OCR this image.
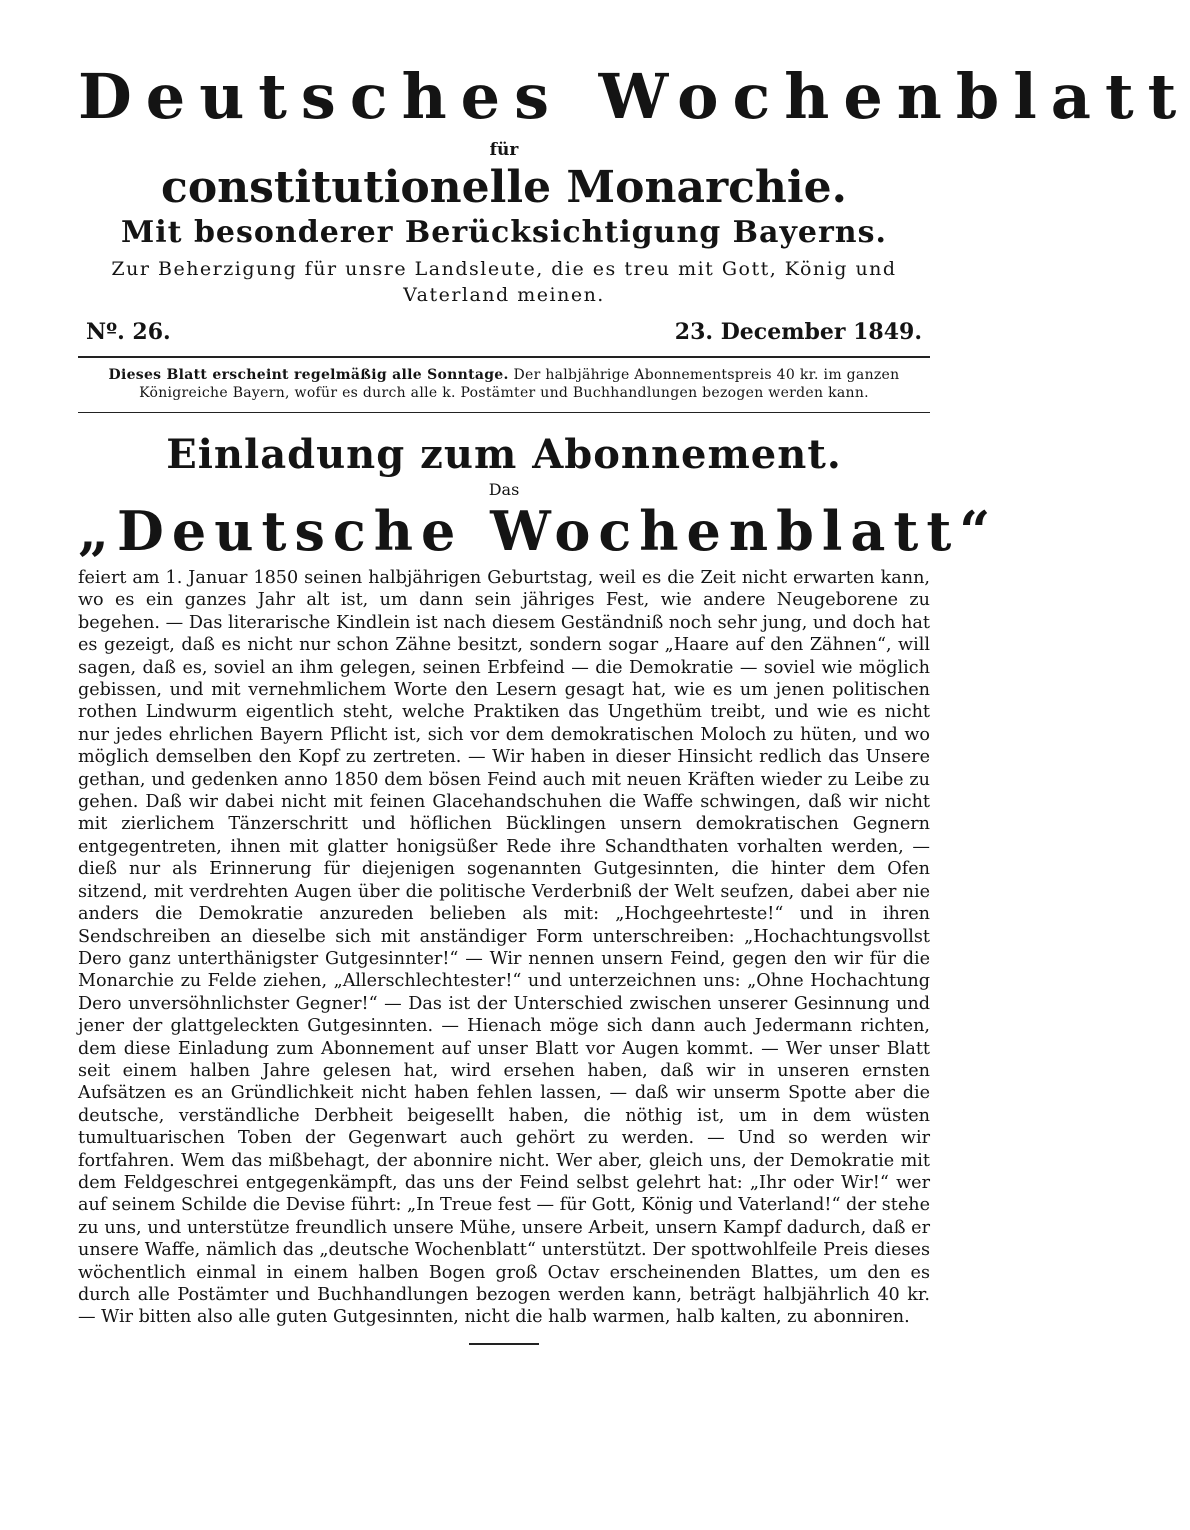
Deutsches Wochenblatt
für
constitutionelle Monarchie.
Mit besonderer Berücksichtigung Bayerns.
Zur Beherzigung für unsre Landsleute, die es treu mit Gott, König und Vaterland meinen.
Nº. 26.	23. December 1849.
Dieses Blatt erscheint regelmäßig alle Sonntage. Der halbjährige Abonnementspreis 40 kr. im ganzen Königreiche Bayern, wofür es durch alle k. Postämter und Buchhandlungen bezogen werden kann.
Einladung zum Abonnement.
Das
„Deutsche Wochenblatt“

feiert am 1. Januar 1850 seinen halbjährigen Geburtstag, weil es die Zeit nicht erwarten kann, wo es ein ganzes Jahr alt ist, um dann sein jähriges Fest, wie andere Neugeborene zu begehen. — Das literarische Kindlein ist nach diesem Geständniß noch sehr jung, und doch hat es gezeigt, daß es nicht nur schon Zähne besitzt, sondern sogar „Haare auf den Zähnen“, will sagen, daß es, soviel an ihm gelegen, seinen Erbfeind — die Demokratie — soviel wie möglich gebissen, und mit vernehmlichem Worte den Lesern gesagt hat, wie es um jenen politischen rothen Lindwurm eigentlich steht, welche Praktiken das Ungethüm treibt, und wie es nicht nur jedes ehrlichen Bayern Pflicht ist, sich vor dem demokratischen Moloch zu hüten, und wo möglich demselben den Kopf zu zertreten. — Wir haben in dieser Hinsicht redlich das Unsere gethan, und gedenken anno 1850 dem bösen Feind auch mit neuen Kräften wieder zu Leibe zu gehen. Daß wir dabei nicht mit feinen Glacehandschuhen die Waffe schwingen, daß wir nicht mit zierlichem Tänzerschritt und höflichen Bücklingen unsern demokratischen Gegnern entgegentreten, ihnen mit glatter honigsüßer Rede ihre Schandthaten vorhalten werden, — dieß nur als Erinnerung für diejenigen sogenannten Gutgesinnten, die hinter dem Ofen sitzend, mit verdrehten Augen über die politische Verderbniß der Welt seufzen, dabei aber nie anders die Demokratie anzureden belieben als mit: „Hochgeehrteste!“ und in ihren Sendschreiben an dieselbe sich mit anständiger Form unterschreiben: „Hochachtungsvollst Dero ganz unterthänigster Gutgesinnter!“ — Wir nennen unsern Feind, gegen den wir für die Monarchie zu Felde ziehen, „Allerschlechtester!“ und unterzeichnen uns: „Ohne Hochachtung Dero unversöhnlichster Gegner!“ — Das ist der Unterschied zwischen unserer Gesinnung und jener der glattgeleckten Gutgesinnten. — Hienach möge sich dann auch Jedermann richten, dem diese Einladung zum Abonnement auf unser Blatt vor Augen kommt. — Wer unser Blatt seit einem halben Jahre gelesen hat, wird ersehen haben, daß wir in unseren ernsten Aufsätzen es an Gründlichkeit nicht haben fehlen lassen, — daß wir unserm Spotte aber die deutsche, verständliche Derbheit beigesellt haben, die nöthig ist, um in dem wüsten tumultuarischen Toben der Gegenwart auch gehört zu werden. — Und so werden wir fortfahren. Wem das mißbehagt, der abonnire nicht. Wer aber, gleich uns, der Demokratie mit dem Feldgeschrei entgegenkämpft, das uns der Feind selbst gelehrt hat: „Ihr oder Wir!“ wer auf seinem Schilde die Devise führt: „In Treue fest — für Gott, König und Vaterland!“ der stehe zu uns, und unterstütze freundlich unsere Mühe, unsere Arbeit, unsern Kampf dadurch, daß er unsere Waffe, nämlich das „deutsche Wochenblatt“ unterstützt. Der spottwohlfeile Preis dieses wöchentlich einmal in einem halben Bogen groß Octav erscheinenden Blattes, um den es durch alle Postämter und Buchhandlungen bezogen werden kann, beträgt halbjährlich 40 kr. — Wir bitten also alle guten Gutgesinnten, nicht die halb warmen, halb kalten, zu abonniren.
